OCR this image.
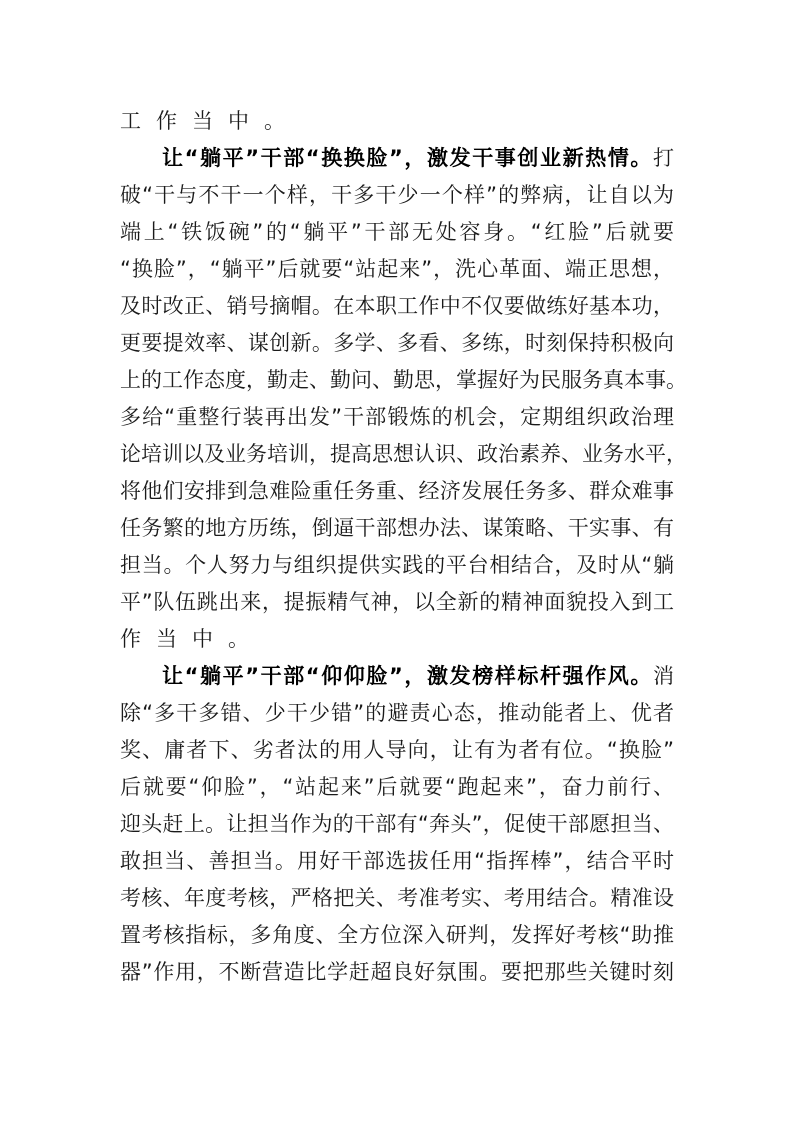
工作当中。
让“躺平”干部“换换脸”，激发干事创业新热情。打
破“干与不干一个样，干多干少一个样”的弊病，让自以为
端上“铁饭碗”的“躺平”干部无处容身。“红脸”后就要
“换脸”，“躺平”后就要“站起来”，洗心革面、端正思想，
及时改正、销号摘帽。在本职工作中不仅要做练好基本功，
更要提效率、谋创新。多学、多看、多练，时刻保持积极向
上的工作态度，勤走、勤问、勤思，掌握好为民服务真本事。
多给“重整行装再出发”干部锻炼的机会，定期组织政治理
论培训以及业务培训，提高思想认识、政治素养、业务水平，
将他们安排到急难险重任务重、经济发展任务多、群众难事
任务繁的地方历练，倒逼干部想办法、谋策略、干实事、有
担当。个人努力与组织提供实践的平台相结合，及时从“躺
平”队伍跳出来，提振精气神，以全新的精神面貌投入到工
作当中。
让“躺平”干部“仰仰脸”，激发榜样标杆强作风。消
除“多干多错、少干少错”的避责心态，推动能者上、优者
奖、庸者下、劣者汰的用人导向，让有为者有位。“换脸”
后就要“仰脸”，“站起来”后就要“跑起来”，奋力前行、
迎头赶上。让担当作为的干部有“奔头”，促使干部愿担当、
敢担当、善担当。用好干部选拔任用“指挥棒”，结合平时
考核、年度考核，严格把关、考准考实、考用结合。精准设
置考核指标，多角度、全方位深入研判，发挥好考核“助推
器”作用，不断营造比学赶超良好氛围。要把那些关键时刻
